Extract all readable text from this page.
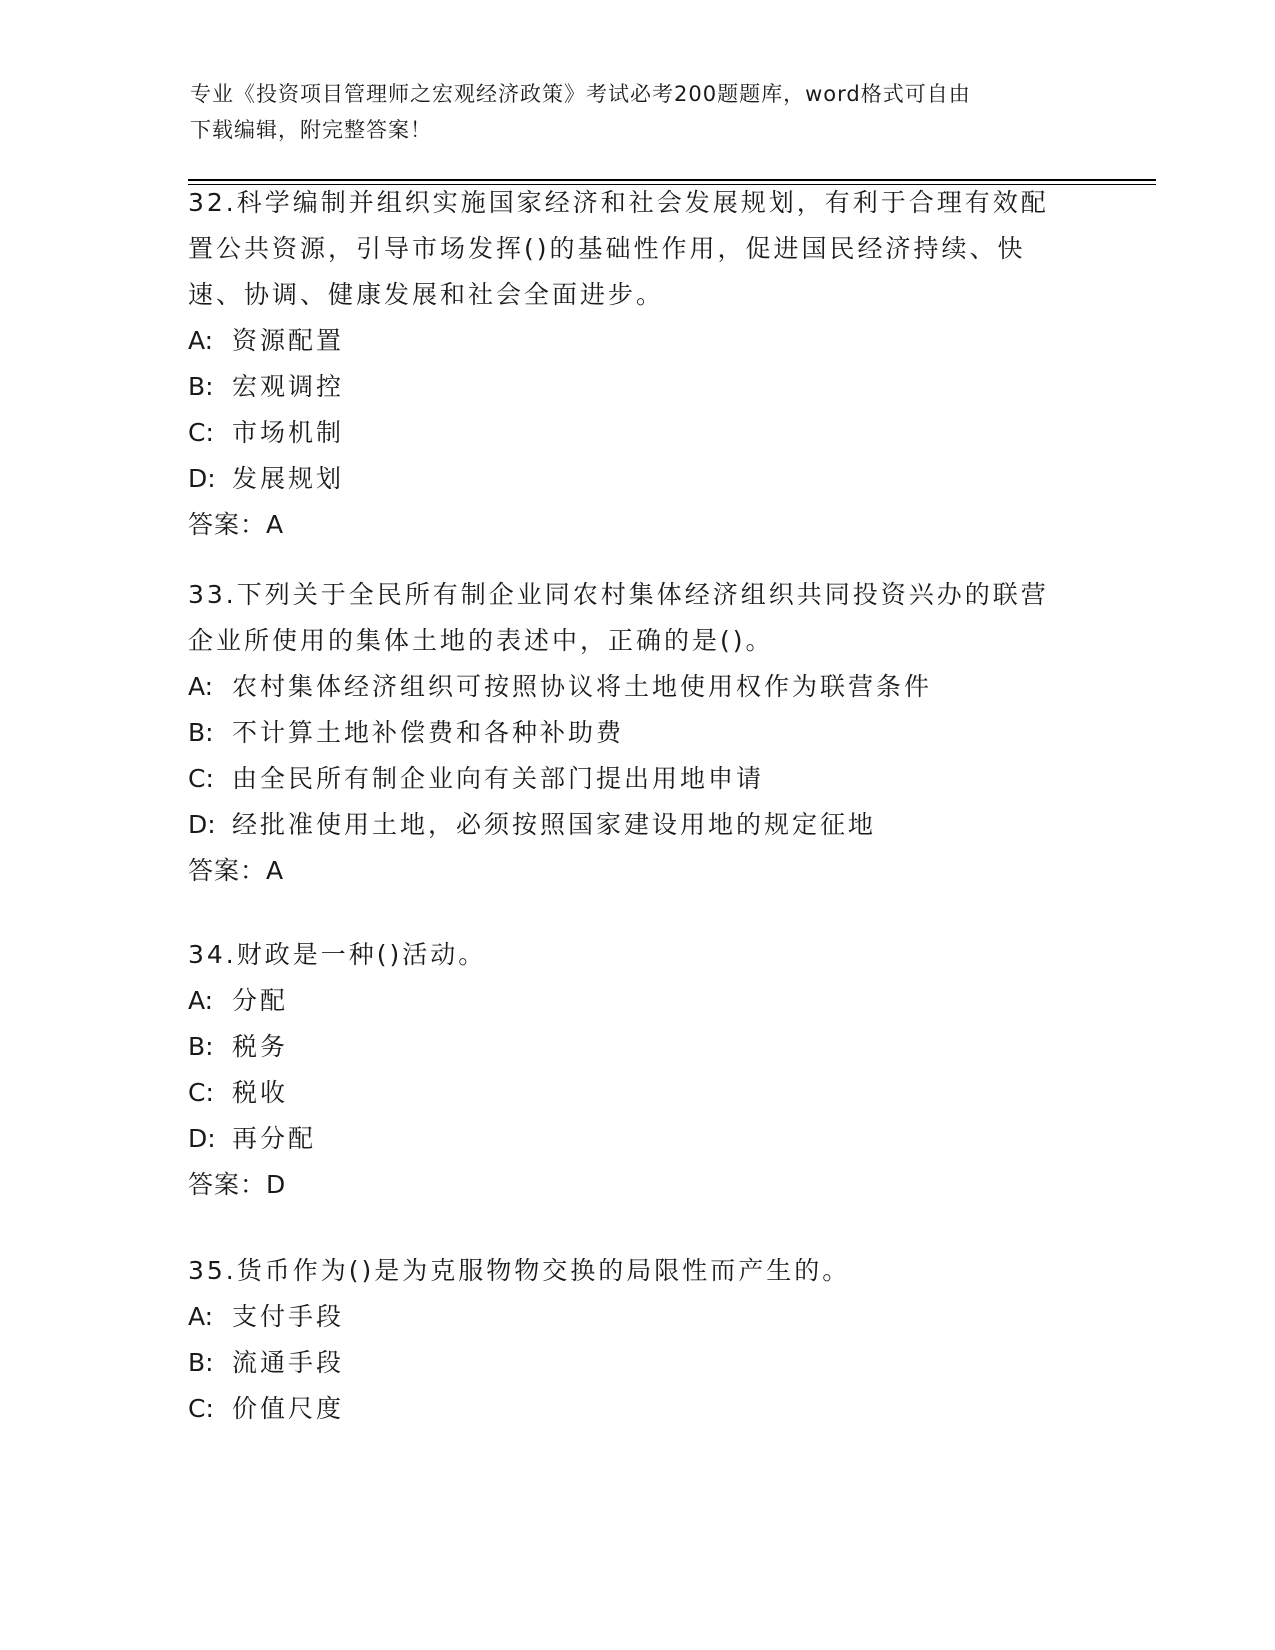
专业《投资项目管理师之宏观经济政策》考试必考200题题库，word格式可自由
下载编辑，附完整答案！
32.科学编制并组织实施国家经济和社会发展规划，有利于合理有效配
置公共资源，引导市场发挥()的基础性作用，促进国民经济持续、快
速、协调、健康发展和社会全面进步。
A: 资源配置
B: 宏观调控
C: 市场机制
D: 发展规划
答案：A
33.下列关于全民所有制企业同农村集体经济组织共同投资兴办的联营
企业所使用的集体土地的表述中，正确的是()。
A: 农村集体经济组织可按照协议将土地使用权作为联营条件
B: 不计算土地补偿费和各种补助费
C: 由全民所有制企业向有关部门提出用地申请
D: 经批准使用土地，必须按照国家建设用地的规定征地
答案：A
34.财政是一种()活动。
A: 分配
B: 税务
C: 税收
D: 再分配
答案：D
35.货币作为()是为克服物物交换的局限性而产生的。
A: 支付手段
B: 流通手段
C: 价值尺度
